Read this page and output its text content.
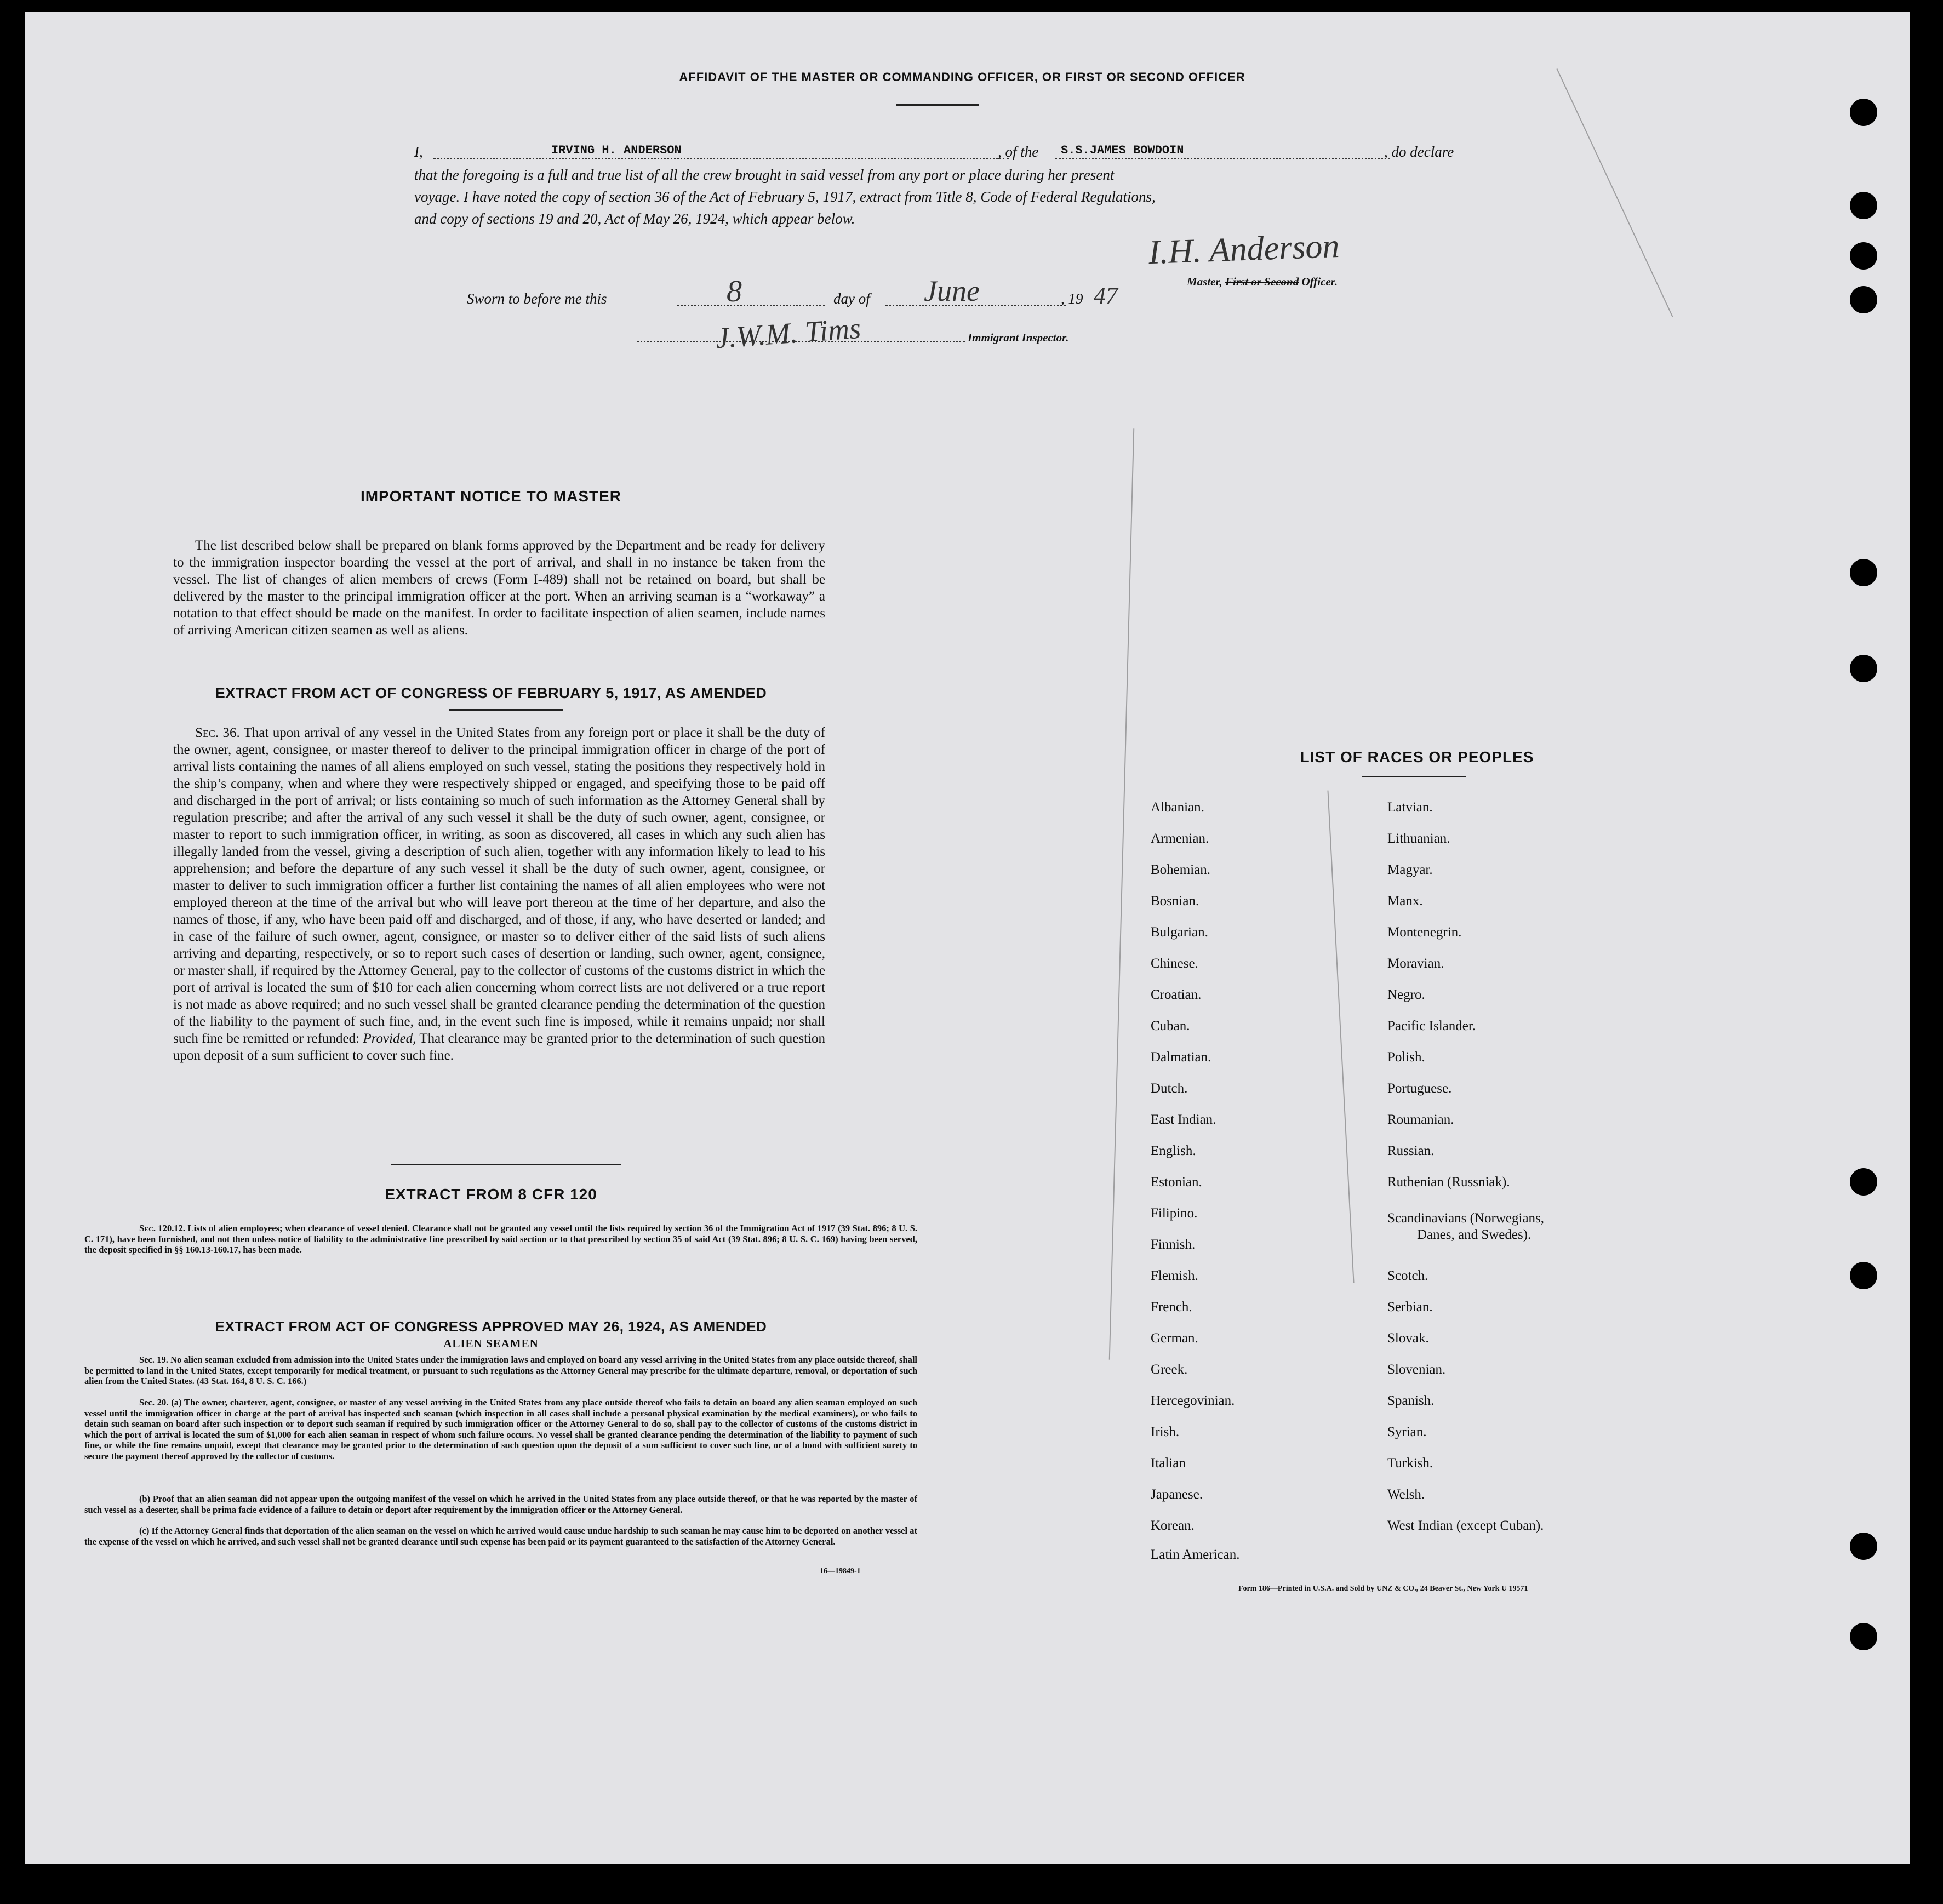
AFFIDAVIT OF THE MASTER OR COMMANDING OFFICER, OR FIRST OR SECOND OFFICER
I,	IRVING H. ANDERSON	, of the S.S.JAMES BOWDOIN	, do declare
that the foregoing is a full and true list of all the crew brought in said vessel from any port or place during her present
voyage. I have noted the copy of section 36 of the Act of February 5, 1917, extract from Title 8, Code of Federal Regulations,
and copy of sections 19 and 20, Act of May 26, 1924, which appear below.
I.H. Anderson
Master, First or Second Officer.
Sworn to before me this	8	day of June	, 19 47
J.W.M. Tims	Immigrant Inspector.
IMPORTANT NOTICE TO MASTER
The list described below shall be prepared on blank forms approved by the Department and be ready for delivery to the immigration inspector boarding the vessel at the port of arrival, and shall in no instance be taken from the vessel. The list of changes of alien members of crews (Form I-489) shall not be retained on board, but shall be delivered by the master to the principal immigration officer at the port. When an arriving seaman is a “workaway” a notation to that effect should be made on the manifest. In order to facilitate inspection of alien seamen, include names of arriving American citizen seamen as well as aliens.
EXTRACT FROM ACT OF CONGRESS OF FEBRUARY 5, 1917, AS AMENDED
Sec. 36. That upon arrival of any vessel in the United States from any foreign port or place it shall be the duty of the owner, agent, consignee, or master thereof to deliver to the principal immigration officer in charge of the port of arrival lists containing the names of all aliens employed on such vessel, stating the positions they respectively hold in the ship’s company, when and where they were respectively shipped or engaged, and specifying those to be paid off and discharged in the port of arrival; or lists containing so much of such information as the Attorney General shall by regulation prescribe; and after the arrival of any such vessel it shall be the duty of such owner, agent, consignee, or master to report to such immigration officer, in writing, as soon as discovered, all cases in which any such alien has illegally landed from the vessel, giving a description of such alien, together with any information likely to lead to his apprehension; and before the departure of any such vessel it shall be the duty of such owner, agent, consignee, or master to deliver to such immigration officer a further list containing the names of all alien employees who were not employed thereon at the time of the arrival but who will leave port thereon at the time of her departure, and also the names of those, if any, who have been paid off and discharged, and of those, if any, who have deserted or landed; and in case of the failure of such owner, agent, consignee, or master so to deliver either of the said lists of such aliens arriving and departing, respectively, or so to report such cases of desertion or landing, such owner, agent, consignee, or master shall, if required by the Attorney General, pay to the collector of customs of the customs district in which the port of arrival is located the sum of $10 for each alien concerning whom correct lists are not delivered or a true report is not made as above required; and no such vessel shall be granted clearance pending the determination of the question of the liability to the payment of such fine, and, in the event such fine is imposed, while it remains unpaid; nor shall such fine be remitted or refunded: Provided, That clearance may be granted prior to the determination of such question upon deposit of a sum sufficient to cover such fine.
EXTRACT FROM 8 CFR 120
Sec. 120.12. Lists of alien employees; when clearance of vessel denied. Clearance shall not be granted any vessel until the lists required by section 36 of the Immigration Act of 1917 (39 Stat. 896; 8 U. S. C. 171), have been furnished, and not then unless notice of liability to the administrative fine prescribed by said section or to that prescribed by section 35 of said Act (39 Stat. 896; 8 U. S. C. 169) having been served, the deposit specified in §§ 160.13-160.17, has been made.
EXTRACT FROM ACT OF CONGRESS APPROVED MAY 26, 1924, AS AMENDED
ALIEN SEAMEN
Sec. 19. No alien seaman excluded from admission into the United States under the immigration laws and employed on board any vessel arriving in the United States from any place outside thereof, shall be permitted to land in the United States, except temporarily for medical treatment, or pursuant to such regulations as the Attorney General may prescribe for the ultimate departure, removal, or deportation of such alien from the United States. (43 Stat. 164, 8 U. S. C. 166.)
Sec. 20. (a) The owner, charterer, agent, consignee, or master of any vessel arriving in the United States from any place outside thereof who fails to detain on board any alien seaman employed on such vessel until the immigration officer in charge at the port of arrival has inspected such seaman (which inspection in all cases shall include a personal physical examination by the medical examiners), or who fails to detain such seaman on board after such inspection or to deport such seaman if required by such immigration officer or the Attorney General to do so, shall pay to the collector of customs of the customs district in which the port of arrival is located the sum of $1,000 for each alien seaman in respect of whom such failure occurs. No vessel shall be granted clearance pending the determination of the liability to payment of such fine, or while the fine remains unpaid, except that clearance may be granted prior to the determination of such question upon the deposit of a sum sufficient to cover such fine, or of a bond with sufficient surety to secure the payment thereof approved by the collector of customs.
(b) Proof that an alien seaman did not appear upon the outgoing manifest of the vessel on which he arrived in the United States from any place outside thereof, or that he was reported by the master of such vessel as a deserter, shall be prima facie evidence of a failure to detain or deport after requirement by the immigration officer or the Attorney General.
(c) If the Attorney General finds that deportation of the alien seaman on the vessel on which he arrived would cause undue hardship to such seaman he may cause him to be deported on another vessel at the expense of the vessel on which he arrived, and such vessel shall not be granted clearance until such expense has been paid or its payment guaranteed to the satisfaction of the Attorney General.
16—19849-1
LIST OF RACES OR PEOPLES
Albanian.
Armenian.
Bohemian.
Bosnian.
Bulgarian.
Chinese.
Croatian.
Cuban.
Dalmatian.
Dutch.
East Indian.
English.
Estonian.
Filipino.
Finnish.
Flemish.
French.
German.
Greek.
Hercegovinian.
Irish.
Italian
Japanese.
Korean.
Latin American.
Latvian.
Lithuanian.
Magyar.
Manx.
Montenegrin.
Moravian.
Negro.
Pacific Islander.
Polish.
Portuguese.
Roumanian.
Russian.
Ruthenian (Russniak).
Scandinavians (Norwegians,
Danes, and Swedes).
Scotch.
Serbian.
Slovak.
Slovenian.
Spanish.
Syrian.
Turkish.
Welsh.
West Indian (except Cuban).
Form 186—Printed in U.S.A. and Sold by UNZ & CO., 24 Beaver St., New York U 19571
